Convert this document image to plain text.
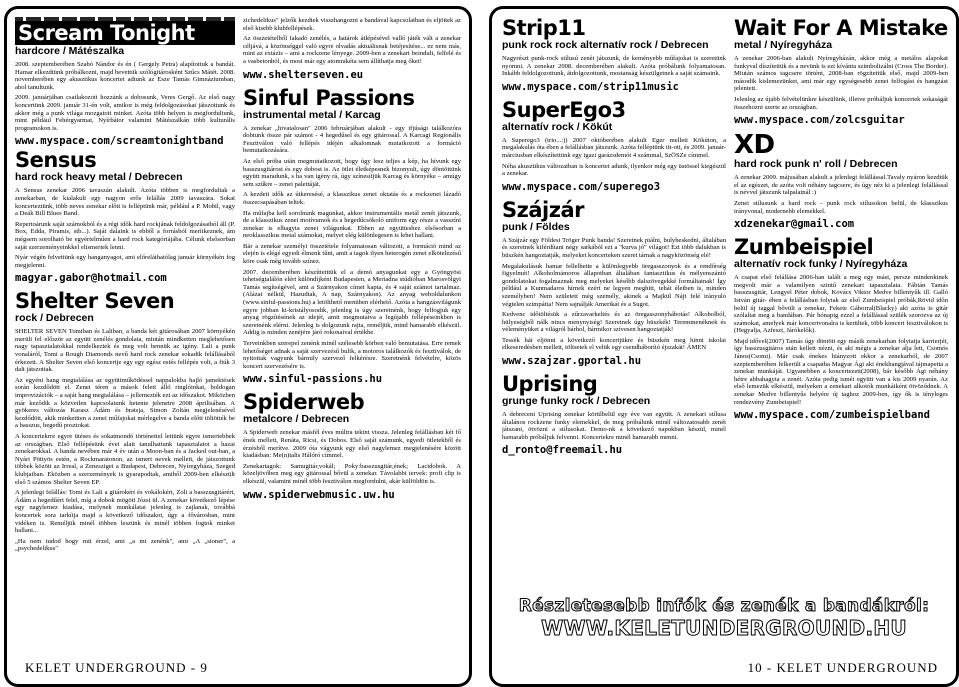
Scream Tonight
hardcore / Mátészalka

2008. szeptemberében Szabó Nándor és én ( Gergely Petra) alapítottuk a bandát. Hamar elkezdtünk próbálkozni, majd bevettük szólógitárosként Szűcs Mátét. 2008. novemberében egy akusztikus koncertet adtunk az Esze Tamás Gimnáziumban, ahol tanultunk.

2009. januárjában csatlakozott hozzánk a dobosunk, Veres Gergő. Az első nagy koncertünk 2009. január 31-én volt, amikor is még feldolgozásokat játszottunk és akkor még a punk világa mozgatott minket. Azóta több helyen is megfordultunk, mint például Fehérgyarmat, Nyírbátor valamint Mátészalkán több kulturális programokon is.

www.myspace.com/screamtonightband
Sensus
hard rock heavy metal / Debrecen

A Sensus zenekar 2006 tavaszán alakult. Azóta többen is megfordultak a zenekarban, de kialakult egy nagyon erős felállás 2009 tavaszára. Sokat koncerteztünk, több neves zenekar előtt is felléptünk már, például a P. Mobil, vagy a Deák Bill Blues Band.

Repertoárunk saját számokból és a régi idők hard rockjának feldolgozásaiból áll (P. Box, Edda, Piramis, stb...). Saját dalaink is ebből a forrásból merítkeznek, ám mégsem sorolható be egyértelműen a hard rock kategóriájába. Célunk elsősorban saját szerzeményeinkkel elismertek lenni.

Nyár végén felvettünk egy hanganyagot, ami előreláthatólag január környékén fog megjelenni.

magyar.gabor@hotmail.com
Shelter Seven
rock / Debrecen

SHELTER SEVEN Tomiban és Laliban, a banda két gitárosában 2007 környékén merült fel először az együtt zenélés gondolata, miután mindketten meglehetősen nagy tapasztalatokkal rendelkeztek és meg volt bennük az igény. Lali a punk vonaláról, Tomi a Rough Diamonds nevű hard rock zenekar sokadik felállásából érkezett. A Shelter Seven első koncertje egy egy egész estés fellépés volt, a fiúk 3 dalt játszottak.

Az egyéni hang megtalálása az együttműködéssel nappalokba hajló jamektések során kezdődött el. Zenei téren a mások felett álló ringlóinkat, boldogan improvizációk – a saját hang megtalálása – jellemezték ezt az időszakot. Miközben már keződik a közvetlen kapcsolatunk hetente jelenetre 2008 áprilisában. A gyökeres változás Karasz Ádám és bratsja, Simon Zoltán megjelenésével kezdődött, akik minkettten a zenei műfajokat mérlegelve a banda előtt töltötték be a basszus, hegedű posztokat.

A koncertekrre egyre ütéses és sokatmondó történettel lettünk egyre ismertebbek az országban. Első fellépésünk évei alatt tanulhattunk tapasztalatot a hazai zenekarokkal. A banda nevében már 4 év után a Moon-ban és a Jacked out-ban, a Nyári Pöttyös estén, a Rockmaratonon, az ismert nevek mellett, de játszottunk többek között az Irreal, a Zenesziget a Budapest, Debrecen, Nyíregyháza, Szeged klubjaiban. Eközben a szerzemények is gyarapodtak, amiből 2009-ben elkészült első 5 számos Shelter Seven EP.

A jelenlegi felállás: Tomi és Lali a gitárokért és vokálokért, Zoli a basszusgitárért, Ádám a hegedűért felel, míg a dobok mögött Józsi ül. A zenekar következő lépése egy nagylemez kiadása, melynek munkálatai jelenleg is zajlanak, továbbá koncertek sora tarkítja majd a következő időszakot, úgy a fővárosban, mint vidéken is. Reméljük minél többen leszünk és minél többen fogtok minket hallani...

„Ha nem tudod hogy mit érzel, ami „a mi zenénk", ami „A „stoner", a „psychedelikus"

zichedelikus" jelzők kezdtek visszhangozni a bandával kapcsolatban és eljöttek az első kisebb klubfellépések.

Az összetételből fakadó zenélés, a határok átlépésével valló játék vált a zenekar céljává, a közönséggel való egyre olvadás aktuálisnak betéjesítése... ez nem más, mint az extázis – ami a rockzene lényege. 2009-ben a zenekart beindult, felfelé és a vasbetonból, és most már egy atomrakéta sem állíthatja meg őket!

www.shelterseven.eu
Sinful Passions
instrumental metal / Karcag

A zenekar „hivatalosan" 2006 februárjában alakult - egy ifjúsági találkozóra dobtunk össze pár számot - 4 hegedűsel és egy gitárossal. A Karcagi Regionális Fesztiválon való fellépés idéjén alkalomnak mutatkozott a formáció bemutatkozására.

Az első próba után megmutatkozott, hogy úgy lesz teljes a kép, ha hívunk egy basszusgitárost és egy dobost is. Az ötlet életképesnek bizonyult, úgy döntöttünk együtt maradunk, s ha van igény rá, úgy színesítjük Karcag és környéke – amúgy sem szűkre – zenei palettáját.

A kezdeti idők az útkeresésé, a klasszikus zenei oktatás és a rockzenei lázadó összecsapásában teltek.

Ha műfajba kell sorolnunk magunkat, akkor instrumentális metál zenét játszunk, de a klasszikus zenei motívumok és a hegedűcsókoló uniform egy része a vasszíni zenekar is elhagyta zenei világunkat. Ebben az együtteshez elsősorban a neoklasszikus metal számokat, melyet elég különlegesen is lehet hallani.

Bár a zenekar személyi összetétele folyamatosan változott, a formáció mind az elején is elégé egyedi élmenk tűnt, amit a tagok ilyen heterogén zenei elkötelezésű köre csak még tovább színez.

2007. decemberében készíttetttük el a demó anyagunkat egy a Gyöngyösi tehetségtalálón elért különdíjként Budapesten, a Meriadna stúdióban Marosvölgyi Tamás segítségével, ami a Szárnyakon címet kapta, és 4 saját számot tartalmaz. (Alázat nélkül, Hazudtak, A nap, Szárnyakon). Az anyag weboldalunkon (www.sinful-passions.hu) a letölthető menüben elérhető. Azóta a hangzásvilágunk egyre jobban ki-kristályosodik, jelenleg is úgy szeretnénk, hogy felfogjuk egy anyag rögzítésének az idejét, amit megmutatva a legújabb fellépéseinkben is szeretnénk elérni. Jelenleg is dolgozunk rajta, reméljük, mind hamarabb elkészül. Addig is minden zenéjére járó rokonaival értékbe.

Terveinkben szerepel zenénk minél szélesebb körben való bemutatása. Erre remek lehetőséget adnak a saját szervezésű bulik, a motoros találkozók és fesztiválok, de nyitottak vagyunk bármily szervező felkérésre. Szeretnénk felvételre, közös koncert szervezésére is.

www.sinful-passions.hu
Spiderweb
metalcore / Debrecen

A Spiderweb zenekar másfél éves múltra tekint vissza. Jelenleg felállásban két fő ének mellett, Renáta, Ricsi, és Dobos. Első saját számunk, egyedi ötletekből és érzésből merítve. 2009 óta vágyunk egy első nagylemez megjelenésére között kiadásban: Me(n)talis Hálóró címmel.

Zenekartagok: Samugitár,vokál; Poky:basszusgitár,ének; Lacidobok. A közeljövőben meg egy gitárossal bővül a zenekar. Távolabbi tervek: profi clip is elkészül, valamint minél több fesztiválon megfordulni, akár külföldön is.

www.spiderwebmusic.uw.hu
KELET UNDERGROUND - 9
Strip11
punk rock rock alternatív rock / Debrecen

Nagyrészt punk-rock stílusú zenét játszunk, de keményebb műfajokat is szeretünk nyomni. A zenekar 2008. decemberében alakult. Azóta próbálunk folyamatosan. Inkább feldolgozottunk, átdolgozottunk, mostanság készülgetnek a saját számaink.

www.myspace.com/strip11music
SuperEgo3
alternatív rock / Kökút

A Superego3 (trio...:)) 2007 októberében alakult Eger mellett Kökúton, a megalakulás óta ében a felállásban játszunk. Azóta felléptünk itt-ott, és 2009. január-márciusban elkészítettünk egy igazi garázsdemót 4 számmal, SzÖSZe címmel.

Néha akusztikus változatban is koncertet adunk, ilyenkor még egy üstössel kiegészül a zenekar.

www.myspace.com/superego3
Szájzár
punk / Földes

A Szájzár egy Földesi Tröger Punk banda! Szeretnek piálni, bulyheskedni, általában és szeretnek kiférdítani négy sarkából ezt a "kurva jó" világot! Ezt több dalukban is büszkén hangoztatják, melyeket koncerteken szeret tárnak a nagyközönség elé!

Megalakulásuk hamar fellelhette a különlegyebb öregasszonyok és a rendőrség figyelmét! Alkoholmámoros állapotban általában fantasztikus és mélyenszántó gondolatokat fogalmaznak meg melyeket később dalszövegekké formáltatnak! Így például a Kunmadaros hírnek ezért ne legyen meghitt, tehát életben is, minden személyben! Nem született még személy, akinek a Majkül Nájt felé irányuló végtelen szimpátia! Nem sajnálják Amerikát és a Sugot.

Kedvenc időtöltésük a zűrzavarkeltés és az öregasszonyhábotás! Alkoholból, hülyeségből nálk nincs menynyiség! Szeretnek úgy büszkék! Teremmenéknek és véleményüket a világról bárhol, bármikor szívesen hangoztatják!

Tessék hát eljönni a következő koncertjükre és büszkén meg hinni iskolai elkeseredésben mellett, töltsetek el velük egy csendháborító éjszakát! ÁMEN

www.szajzar.gportal.hu
Uprising
grunge funky rock / Debrecen

A debreceni Uprising zenekar körülbelül egy éve van együtt. A zenekari stílusa általános rockzene funky elemekkel, de meg próbálunk minél változatosabb zenét játszani, ötvözni a stílusokat. Demo-nk a következő napokban készül, minél hamarabb próbáljuk felvenni. Koncertekre minél hamarabb menni.

d_ronto@freemail.hu
Wait For A Mistake
metal / Nyíregyháza

A zenekar 2006-ban alakult Nyíregyházán, akkor még a metálos alapokat funkyval díszítettük és a nevünk is ezt kívánta szimbolizálni (Cross The Border). Miután számos tagcsere történt, 2008-ban rögzítettük első, majd 2009-ben második kislemezünket, ami már egy egységesebb zenei felfogást és hangzást jelentett.

Jelenleg az újabb felvételünkre készülünk, illetve próbáljuk koncertek sokaságát összehozni szerte az országban.

www.myspace.com/zolcsguitar
XD
hard rock punk n' roll / Debrecen

A zenekar 2009. májusában alakult a jelenlegi felállással.Tavaly nyáron kezdtük el az egészet, de azóta volt néhány tagcsere, és úgy néz ki a jelenlegi felállással is névvel játszunk talpalatnál :)

Zenei stílusunk a hard rock - punk rock stílusokon belül, de klasszikus irányvonal, modernebb elemekkel.

xdzenekar@gmail.com
Zumbeispiel
alternatív rock funky / Nyíregyháza

A csapat első felállása 2006-ban talált a meg egy mást, persze mindenkinek megvolt már a valamilyen szintű zenekari tapasztalata. Fábián Tamás basszusgitár, Lengyel Péter dobok, Kovács Viktor Medve billentyűk ill. Galló István gitár- ében a felállásban folytak az első Zumbeispiel próbák,Rövid időn belül új taggal bővült a zenekar, Fekete Gáborral(Blacky) aki azóta is gitár szólaltat meg a bandában. Pár hónapig ezzel a felállással szülék szorozva az új számokat, amelyek már koncertvonalra is kerültek, több koncert fesztiválokon is (Hegyalja, Azfeszt, Járókelők).

Majd idővel(2007) Tamás úgy döntött egy másik zenekarban folytatja karrierjét, így basszusgitáros után kellett nézni, és aki mégis a zenekar alja lett, Csomós János(Csomi). Már csak énekes hiányzott ekkor a zenekarból, de 2007 szeptemberében felkerült a csapatba Magyar Ági aki énekhangjával tájmapetta a zenekar munkáját. Ugyanebben a koncertezett(2008), bár később Ági néhány hétre abbahagyta a zenét. Azóta pedig ismét együtt van a kis 2009 nyarán. Az első lemezük elkészül, melyeken a zenekari alkotók munkáiként ötvöződnek. A zenekar Medve billentyűs helyére új taghoz 2009-ben, így ők is tényleges rendezvény Zumbeispiel!

www.myspace.com/zumbeispielband
Részletesebb infók és zenék a bandákról:
WWW.KELETUNDERGROUND.HU
10 - KELET UNDERGROUND
